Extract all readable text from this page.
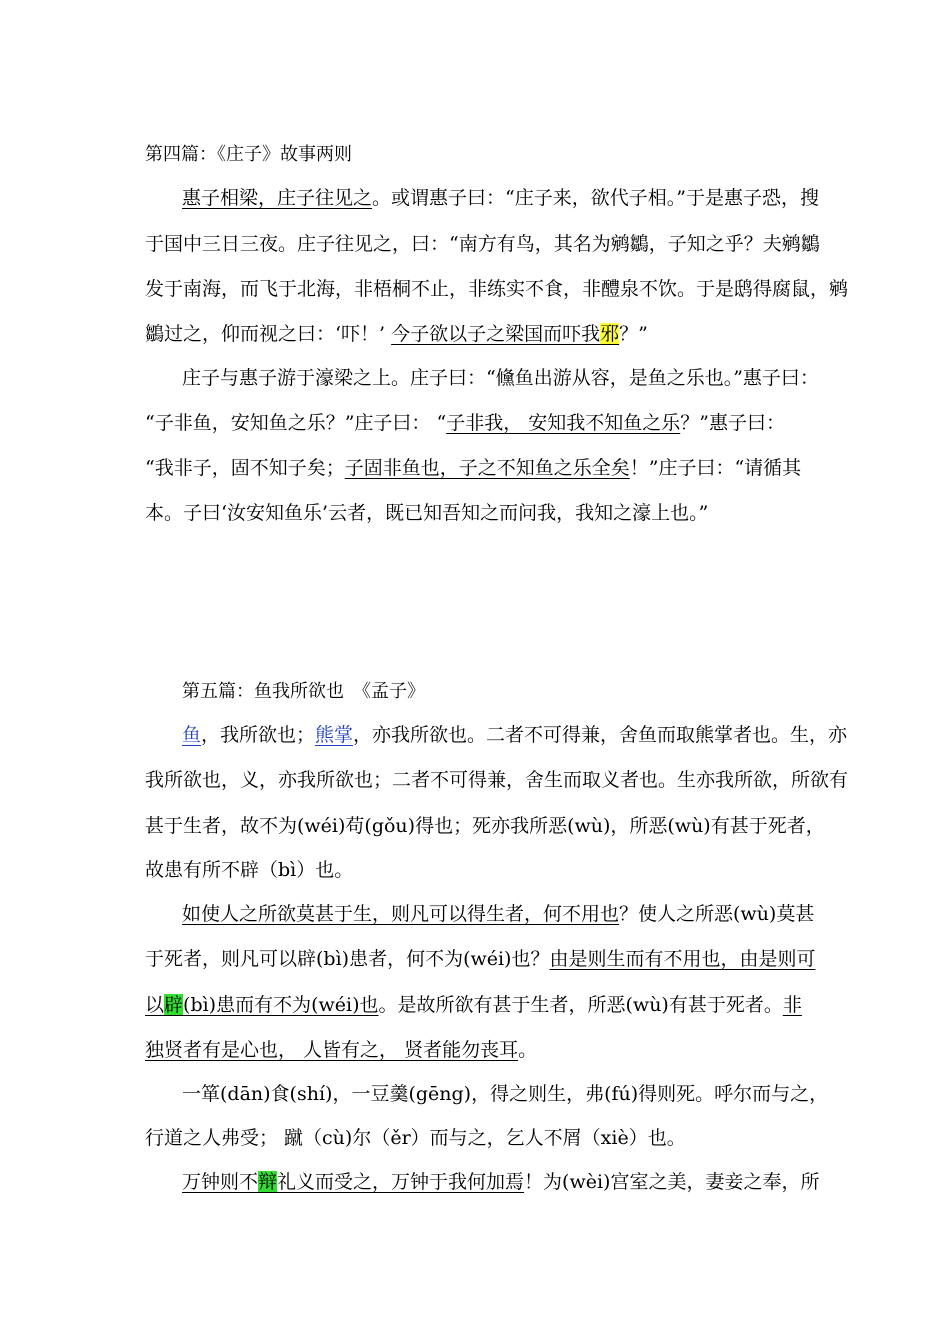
第四篇：《庄子》故事两则
惠子相梁，庄子往见之。或谓惠子曰：“庄子来，欲代子相。”于是惠子恐，搜
于国中三日三夜。庄子往见之，曰：“南方有鸟，其名为鹓鶵，子知之乎？夫鹓鶵
发于南海，而飞于北海，非梧桐不止，非练实不食，非醴泉不饮。于是鸱得腐鼠，鹓
鶵过之，仰而视之曰：‘吓！’ 今子欲以子之梁国而吓我邪？”
庄子与惠子游于濠梁之上。庄子曰：“儵鱼出游从容，是鱼之乐也。”惠子曰：
“子非鱼，安知鱼之乐？”庄子曰： “子非我， 安知我不知鱼之乐？”惠子曰：
“我非子，固不知子矣；子固非鱼也，子之不知鱼之乐全矣！”庄子曰：“请循其
本。子曰‘汝安知鱼乐’云者，既已知吾知之而问我，我知之濠上也。”
第五篇：鱼我所欲也　《孟子》
鱼，我所欲也；熊掌，亦我所欲也。二者不可得兼，舍鱼而取熊掌者也。生，亦
我所欲也，义，亦我所欲也；二者不可得兼，舍生而取义者也。生亦我所欲，所欲有
甚于生者，故不为(wéi)苟(gǒu)得也；死亦我所恶(wù)，所恶(wù)有甚于死者，
故患有所不辟（bì）也。
如使人之所欲莫甚于生，则凡可以得生者，何不用也？使人之所恶(wù)莫甚
于死者，则凡可以辟(bì)患者，何不为(wéi)也？由是则生而有不用也，由是则可
以辟(bì)患而有不为(wéi)也。是故所欲有甚于生者，所恶(wù)有甚于死者。非
独贤者有是心也， 人皆有之， 贤者能勿丧耳。
一箪(dān)食(shí)，一豆羹(gēng)，得之则生，弗(fú)得则死。呼尔而与之，
行道之人弗受； 蹴（cù)尔（ěr）而与之，乞人不屑（xiè）也。
万钟则不辩礼义而受之，万钟于我何加焉！为(wèi)宫室之美，妻妾之奉，所
